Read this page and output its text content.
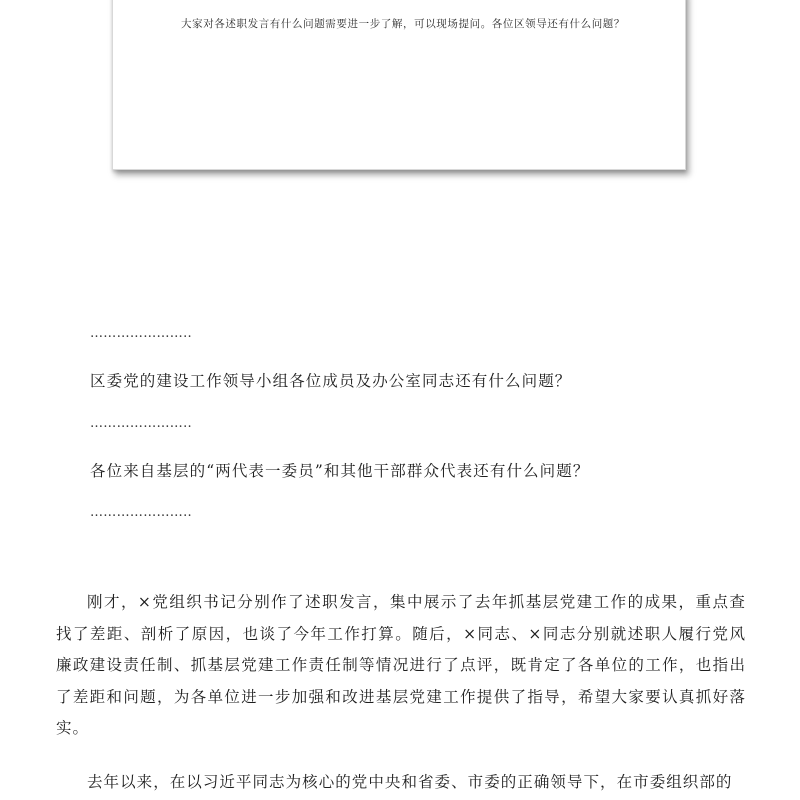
大家对各述职发言有什么问题需要进一步了解，可以现场提问。各位区领导还有什么问题？
…………………..
区委党的建设工作领导小组各位成员及办公室同志还有什么问题？
…………………..
各位来自基层的“两代表一委员”和其他干部群众代表还有什么问题？
…………………..
刚才，×党组织书记分别作了述职发言，集中展示了去年抓基层党建工作的成果，重点查找了差距、剖析了原因，也谈了今年工作打算。随后，×同志、×同志分别就述职人履行党风廉政建设责任制、抓基层党建工作责任制等情况进行了点评，既肯定了各单位的工作，也指出了差距和问题，为各单位进一步加强和改进基层党建工作提供了指导，希望大家要认真抓好落实。
去年以来，在以习近平同志为核心的党中央和省委、市委的正确领导下，在市委组织部的
